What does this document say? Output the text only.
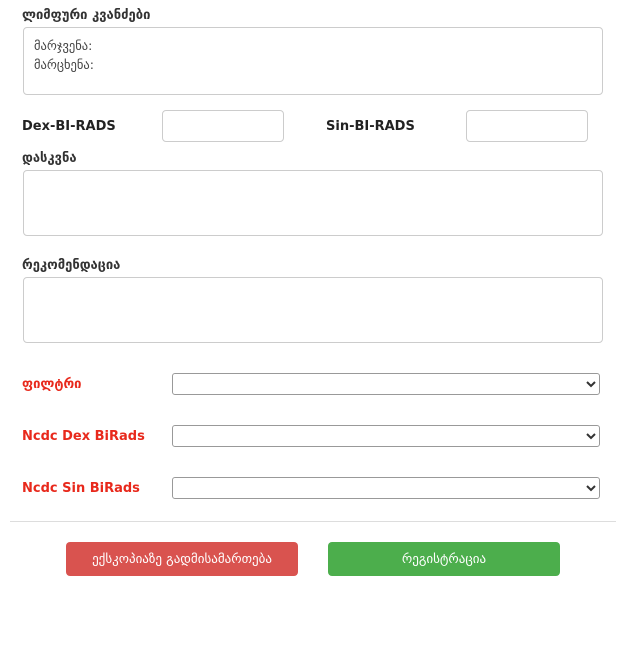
ლიმფური კვანძები
მარჯვენა:
მარცხენა:
Dex-BI-RADS	Sin-BI-RADS
დასკვნა
რეკომენდაცია
ფილტრი
Ncdc Dex BiRads
Ncdc Sin BiRads
ექსკოპიაზე გადმისამართება	რეგისტრაცია
